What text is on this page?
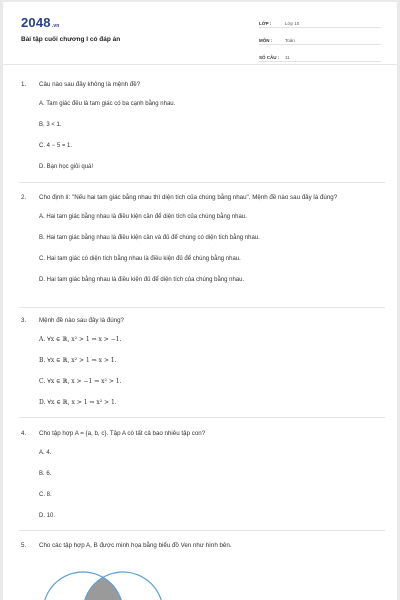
2048.vn
Bài tập cuối chương I có đáp án
LỚP :	Lớp 10
MÔN :	Toán
SỐ CÂU :	11
1.	Câu nào sau đây không là mệnh đề?
A. Tam giác đều là tam giác có ba cạnh bằng nhau.
B. 3 < 1.
C. 4 − 5 = 1.
D. Bạn học giỏi quá!
2.	Cho định lí: "Nếu hai tam giác bằng nhau thì diện tích của chúng bằng nhau". Mệnh đề nào sau đây là đúng?
A. Hai tam giác bằng nhau là điều kiện cần để diện tích của chúng bằng nhau.
B. Hai tam giác bằng nhau là điều kiện cần và đủ để chúng có diện tích bằng nhau.
C. Hai tam giác có diện tích bằng nhau là điều kiện đủ để chúng bằng nhau.
D. Hai tam giác bằng nhau là điều kiện đủ để diện tích của chúng bằng nhau.
3.	Mệnh đề nào sau đây là đúng?
A. ∀x ∈ ℝ, x² > 1 ⇒ x > −1.
B. ∀x ∈ ℝ, x² > 1 ⇒ x > 1.
C. ∀x ∈ ℝ, x > −1 ⇒ x² > 1.
D. ∀x ∈ ℝ, x > 1 ⇒ x² > 1.
4.	Cho tập hợp A = {a, b, c}. Tập A có tất cả bao nhiêu tập con?
A. 4.
B. 6.
C. 8.
D. 10.
5.	Cho các tập hợp A, B được minh họa bằng biểu đồ Ven như hình bên.
